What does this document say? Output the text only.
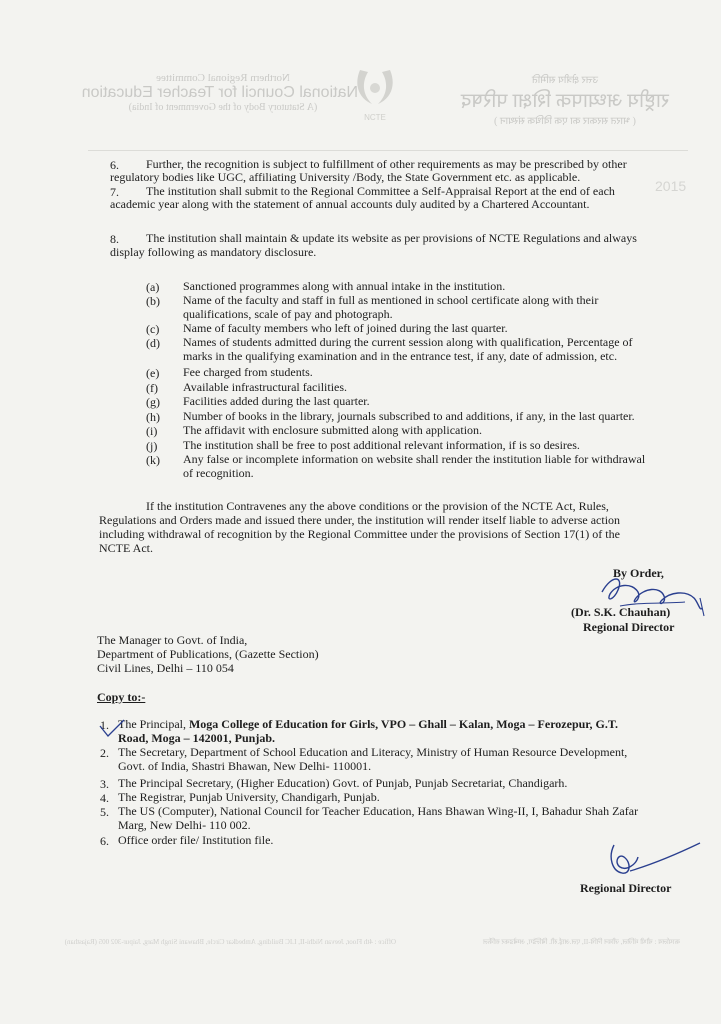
Northern Regional Committee
National Council for Teacher Education
(A Statutory Body of the Government of India)
NCTE
उत्तर क्षेत्रीय समिति
राष्ट्रीय अध्यापक शिक्षा परिषद
( भारत सरकार का एक विधिक संस्थान )
2015
6. Further, the recognition is subject to fulfillment of other requirements as may be prescribed by other
regulatory bodies like UGC, affiliating University /Body, the State Government etc. as applicable.
7. The institution shall submit to the Regional Committee a Self-Appraisal Report at the end of each
academic year along with the statement of annual accounts duly audited by a Chartered Accountant.
8. The institution shall maintain & update its website as per provisions of NCTE Regulations and always
display following as mandatory disclosure.
(a) Sanctioned programmes along with annual intake in the institution.
(b) Name of the faculty and staff in full as mentioned in school certificate along with their
qualifications, scale of pay and photograph.
(c) Name of faculty members who left of joined during the last quarter.
(d) Names of students admitted during the current session along with qualification, Percentage of
marks in the qualifying examination and in the entrance test, if any, date of admission, etc.
(e) Fee charged from students.
(f) Available infrastructural facilities.
(g) Facilities added during the last quarter.
(h) Number of books in the library, journals subscribed to and additions, if any, in the last quarter.
(i) The affidavit with enclosure submitted along with application.
(j) The institution shall be free to post additional relevant information, if is so desires.
(k) Any false or incomplete information on website shall render the institution liable for withdrawal
of recognition.
If the institution Contravenes any the above conditions or the provision of the NCTE Act, Rules,
Regulations and Orders made and issued there under, the institution will render itself liable to adverse action
including withdrawal of recognition by the Regional Committee under the provisions of Section 17(1) of the
NCTE Act.
By Order,
(Dr. S.K. Chauhan)
Regional Director
The Manager to Govt. of India,
Department of Publications, (Gazette Section)
Civil Lines, Delhi – 110 054
Copy to:-
1. The Principal, Moga College of Education for Girls, VPO – Ghall – Kalan, Moga – Ferozepur, G.T.
Road, Moga – 142001, Punjab.
2. The Secretary, Department of School Education and Literacy, Ministry of Human Resource Development,
Govt. of India, Shastri Bhawan, New Delhi- 110001.
3. The Principal Secretary, (Higher Education) Govt. of Punjab, Punjab Secretariat, Chandigarh.
4. The Registrar, Punjab University, Chandigarh, Punjab.
5. The US (Computer), National Council for Teacher Education, Hans Bhawan Wing-II, I, Bahadur Shah Zafar
Marg, New Delhi- 110 002.
6. Office order file/ Institution file.
Regional Director
कार्यालय : चौथी मंजिल, जीवन निधि-II, एल.आई.सी. बिल्डिंग, अम्बेडकर सर्किल
Office : 4th Floor, Jeevan Nidhi-II, LIC Building, Ambedkar Circle, Bhawani Singh Marg, Jaipur-302 005 (Rajasthan)
